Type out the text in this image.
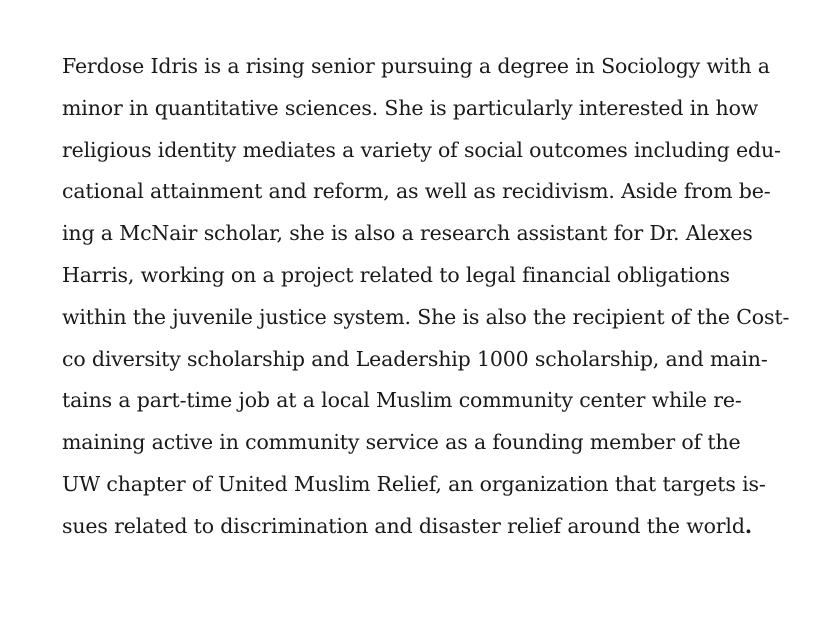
Ferdose Idris is a rising senior pursuing a degree in Sociology with a
minor in quantitative sciences. She is particularly interested in how
religious identity mediates a variety of social outcomes including edu-
cational attainment and reform, as well as recidivism. Aside from be-
ing a McNair scholar, she is also a research assistant for Dr. Alexes
Harris, working on a project related to legal financial obligations
within the juvenile justice system. She is also the recipient of the Cost-
co diversity scholarship and Leadership 1000 scholarship, and main-
tains a part-time job at a local Muslim community center while re-
maining active in community service as a founding member of the
UW chapter of United Muslim Relief, an organization that targets is-
sues related to discrimination and disaster relief around the world.
